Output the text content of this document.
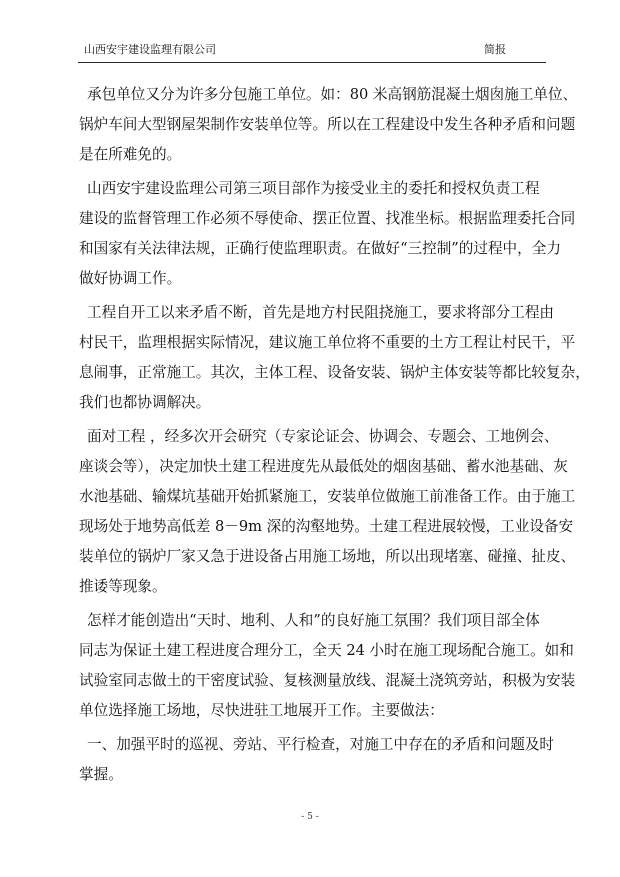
山西安宇建设监理有限公司	简报
承包单位又分为许多分包施工单位。如：80 米高钢筋混凝土烟囱施工单位、
锅炉车间大型钢屋架制作安装单位等。所以在工程建设中发生各种矛盾和问题
是在所难免的。
山西安宇建设监理公司第三项目部作为接受业主的委托和授权负责工程
建设的监督管理工作必须不辱使命、摆正位置、找准坐标。根据监理委托合同
和国家有关法律法规，正确行使监理职责。在做好“三控制”的过程中，全力
做好协调工作。
工程自开工以来矛盾不断，首先是地方村民阻挠施工，要求将部分工程由
村民干，监理根据实际情况，建议施工单位将不重要的土方工程让村民干，平
息闹事，正常施工。其次，主体工程、设备安装、锅炉主体安装等都比较复杂，
我们也都协调解决。
面对工程 ，经多次开会研究（专家论证会、协调会、专题会、工地例会、
座谈会等），决定加快土建工程进度先从最低处的烟囱基础、蓄水池基础、灰
水池基础、输煤坑基础开始抓紧施工，安装单位做施工前准备工作。由于施工
现场处于地势高低差 8－9m 深的沟壑地势。土建工程进展较慢，工业设备安
装单位的锅炉厂家又急于进设备占用施工场地，所以出现堵塞、碰撞、扯皮、
推诿等现象。
怎样才能创造出“天时、地利、人和”的良好施工氛围？我们项目部全体
同志为保证土建工程进度合理分工，全天 24 小时在施工现场配合施工。如和
试验室同志做土的干密度试验、复核测量放线、混凝土浇筑旁站，积极为安装
单位选择施工场地，尽快进驻工地展开工作。主要做法：
一、加强平时的巡视、旁站、平行检查，对施工中存在的矛盾和问题及时
掌握。
- 5 -
